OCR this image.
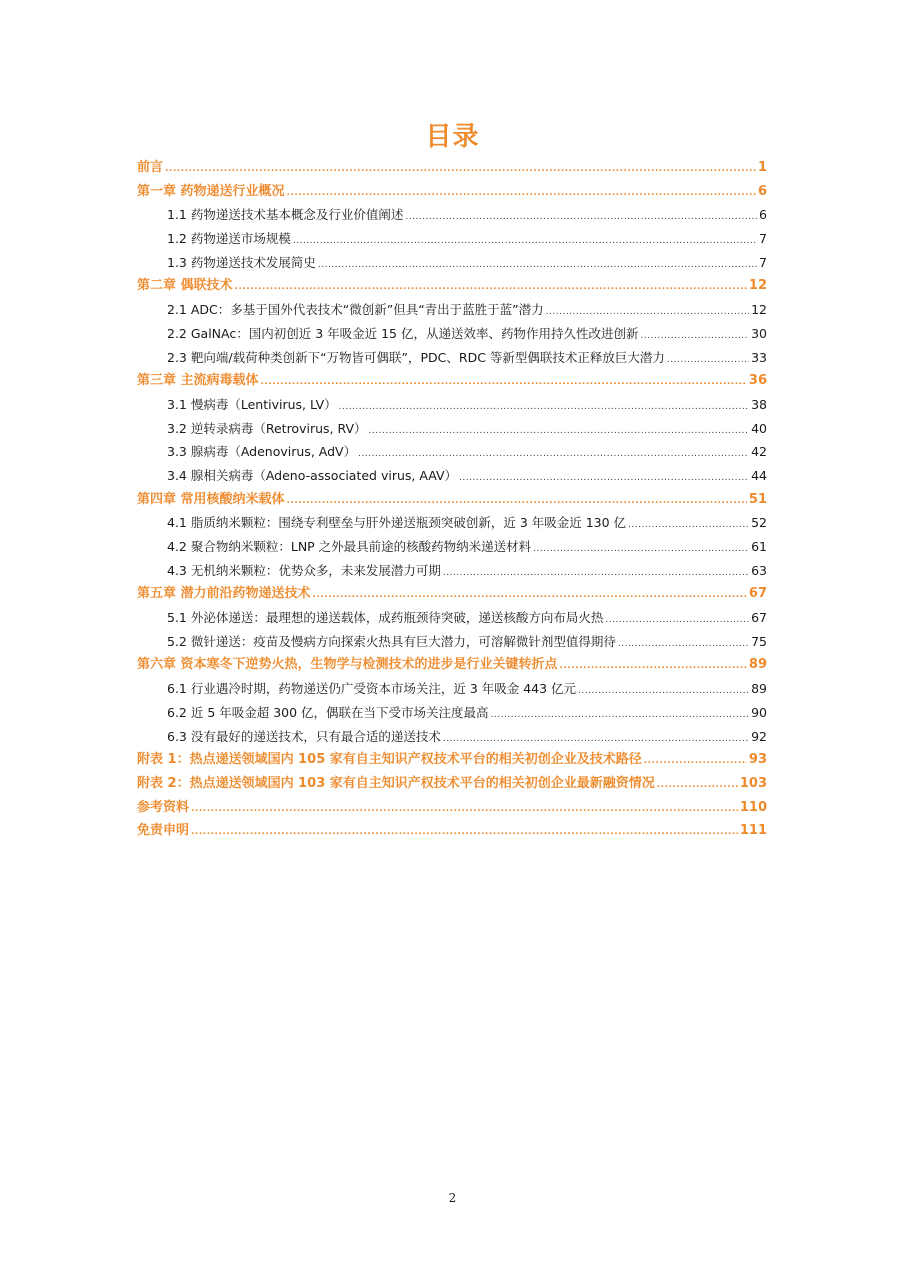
目录
前言 .....	1
第一章 药物递送行业概况 .....	6
1.1 药物递送技术基本概念及行业价值阐述 .....	6
1.2 药物递送市场规模 .....	7
1.3 药物递送技术发展简史 .....	7
第二章 偶联技术 .....	12
2.1 ADC：多基于国外代表技术“微创新”但具“青出于蓝胜于蓝”潜力 .....	12
2.2 GalNAc：国内初创近 3 年吸金近 15 亿，从递送效率、药物作用持久性改进创新 .....	30
2.3 靶向端/载荷种类创新下“万物皆可偶联”，PDC、RDC 等新型偶联技术正释放巨大潜力 .....	33
第三章 主流病毒载体 .....	36
3.1 慢病毒（Lentivirus, LV） .....	38
3.2 逆转录病毒（Retrovirus, RV） .....	40
3.3 腺病毒（Adenovirus, AdV） .....	42
3.4 腺相关病毒（Adeno-associated virus, AAV） .....	44
第四章 常用核酸纳米载体 .....	51
4.1 脂质纳米颗粒：围绕专利壁垒与肝外递送瓶颈突破创新，近 3 年吸金近 130 亿 .....	52
4.2 聚合物纳米颗粒：LNP 之外最具前途的核酸药物纳米递送材料 .....	61
4.3 无机纳米颗粒：优势众多，未来发展潜力可期 .....	63
第五章 潜力前沿药物递送技术 .....	67
5.1 外泌体递送：最理想的递送载体，成药瓶颈待突破，递送核酸方向布局火热 .....	67
5.2 微针递送：疫苗及慢病方向探索火热具有巨大潜力，可溶解微针剂型值得期待 .....	75
第六章 资本寒冬下逆势火热，生物学与检测技术的进步是行业关键转折点 .....	89
6.1 行业遇冷时期，药物递送仍广受资本市场关注，近 3 年吸金 443 亿元 .....	89
6.2 近 5 年吸金超 300 亿，偶联在当下受市场关注度最高 .....	90
6.3 没有最好的递送技术，只有最合适的递送技术 .....	92
附表 1：热点递送领域国内 105 家有自主知识产权技术平台的相关初创企业及技术路径 .....	93
附表 2：热点递送领域国内 103 家有自主知识产权技术平台的相关初创企业最新融资情况 .....	103
参考资料 .....	110
免责申明 .....	111
2
